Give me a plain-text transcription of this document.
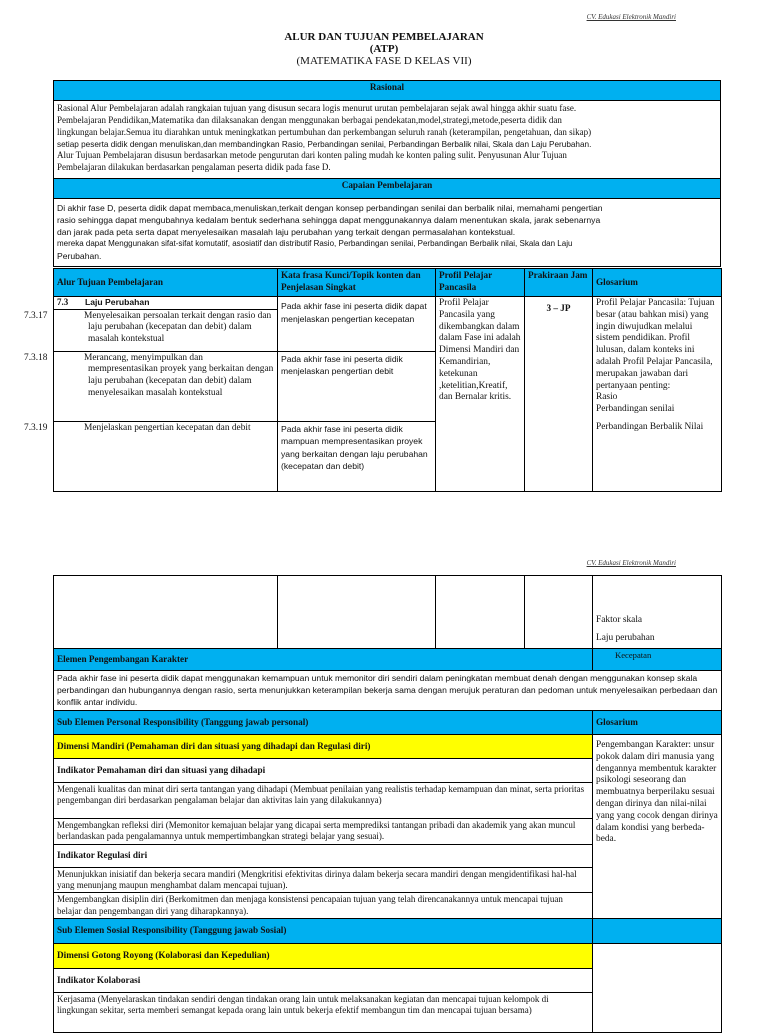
CV. Edukasi Elektronik Mandiri
ALUR DAN TUJUAN PEMBELAJARAN
(ATP)
(MATEMATIKA FASE D KELAS VII)
Rasional

Rasional Alur Pembelajaran adalah rangkaian tujuan yang disusun secara logis menurut urutan pembelajaran sejak awal hingga akhir suatu fase.
Pembelajaran Pendidikan,Matematika dan dilaksanakan dengan menggunakan berbagai pendekatan,model,strategi,metode,peserta didik dan
lingkungan belajar.Semua itu diarahkan untuk meningkatkan pertumbuhan dan perkembangan seluruh ranah (keterampilan, pengetahuan, dan sikap)
setiap peserta didik dengan menuliskan,dan membandingkan Rasio, Perbandingan senilai, Perbandingan Berbalik nilai, Skala dan Laju Perubahan.
Alur Tujuan Pembelajaran disusun berdasarkan metode pengurutan dari konten paling mudah ke konten paling sulit. Penyusunan Alur Tujuan
Pembelajaran dilakukan berdasarkan pengalaman peserta didik pada fase D.

Capaian Pembelajaran

Di akhir fase D, peserta didik dapat membaca,menuliskan,terkait dengan konsep perbandingan senilai dan berbalik nilai, memahami pengertian
rasio sehingga dapat mengubahnya kedalam bentuk sederhana sehingga dapat menggunakannya dalam menentukan skala, jarak sebenarnya
dan jarak pada peta serta dapat menyelesaikan masalah laju perubahan yang terkait dengan permasalahan kontekstual.
mereka dapat Menggunakan sifat-sifat komutatif, asosiatif dan distributif Rasio, Perbandingan senilai, Perbandingan Berbalik nilai, Skala dan Laju
Perubahan.
Alur Tujuan Pembelajaran	Kata frasa Kunci/Topik konten dan Penjelasan Singkat	Profil Pelajar Pancasila	Prakiraan Jam	Glosarium
7.3 Laju Perubahan	Pada akhir fase ini peserta didik dapat menjelaskan pengertian kecepatan	Profil Pelajar Pancasila yang dikembangkan dalam dalam Fase ini adalah Dimensi Mandiri dan Kemandirian, ketekunan ,ketelitian,Kreatif, dan Bernalar kritis.	3 – JP	Profil Pelajar Pancasila: Tujuan besar (atau bahkan misi) yang ingin diwujudkan melalui sistem pendidikan. Profil lulusan, dalam konteks ini adalah Profil Pelajar Pancasila, merupakan jawaban dari pertanyaan penting:
Rasio
Perbandingan senilai
Perbandingan Berbalik Nilai

7.3.17 Menyelesaikan persoalan terkait dengan rasio dan laju perubahan (kecepatan dan debit) dalam masalah kontekstual				
7.3.18 Merancang, menyimpulkan dan mempresentasikan proyek yang berkaitan dengan laju perubahan (kecepatan dan debit) dalam menyelesaikan masalah kontekstual	Pada akhir fase ini peserta didik menjelaskan pengertian debit			
7.3.19 Menjelaskan pengertian kecepatan dan debit	Pada akhir fase ini peserta didik mampuan mempresentasikan proyek yang berkaitan dengan laju perubahan (kecepatan dan debit)			
CV. Edukasi Elektronik Mandiri

Faktor skala
Laju perubahan
Elemen Pengembangan Karakter	Kecepatan
Pada akhir fase ini peserta didik dapat menggunakan kemampuan untuk memonitor diri sendiri dalam peningkatan membuat denah dengan menggunakan konsep skala perbandingan dan hubungannya dengan rasio, serta menunjukkan keterampilan bekerja sama dengan merujuk peraturan dan pedoman untuk menyelesaikan perbedaan dan konflik antar individu.	
Sub Elemen Personal Responsibility (Tanggung jawab personal)	Glosarium
Dimensi Mandiri (Pemahaman diri dan situasi yang dihadapi dan Regulasi diri)	Pengembangan Karakter: unsur pokok dalam diri manusia yang dengannya membentuk karakter psikologi seseorang dan membuatnya berperilaku sesuai dengan dirinya dan nilai-nilai yang yang cocok dengan dirinya dalam kondisi yang berbeda-beda.
Indikator Pemahaman diri dan situasi yang dihadapi	
Mengenali kualitas dan minat diri serta tantangan yang dihadapi (Membuat penilaian yang realistis terhadap kemampuan dan minat, serta prioritas pengembangan diri berdasarkan pengalaman belajar dan aktivitas lain yang dilakukannya)	
Mengembangkan refleksi diri (Memonitor kemajuan belajar yang dicapai serta memprediksi tantangan pribadi dan akademik yang akan muncul berlandaskan pada pengalamannya untuk mempertimbangkan strategi belajar yang sesuai).	
Indikator Regulasi diri	
Menunjukkan inisiatif dan bekerja secara mandiri (Mengkritisi efektivitas dirinya dalam bekerja secara mandiri dengan mengidentifikasi hal-hal yang menunjang maupun menghambat dalam mencapai tujuan).	
Mengembangkan disiplin diri (Berkomitmen dan menjaga konsistensi pencapaian tujuan yang telah direncanakannya untuk mencapai tujuan belajar dan pengembangan diri yang diharapkannya).	
Sub Elemen Sosial Responsibility (Tanggung jawab Sosial)	
Dimensi Gotong Royong (Kolaborasi dan Kepedulian)	
Indikator Kolaborasi	
Kerjasama (Menyelaraskan tindakan sendiri dengan tindakan orang lain untuk melaksanakan kegiatan dan mencapai tujuan kelompok di lingkungan sekitar, serta memberi semangat kepada orang lain untuk bekerja efektif membangun tim dan mencapai tujuan bersama)	
